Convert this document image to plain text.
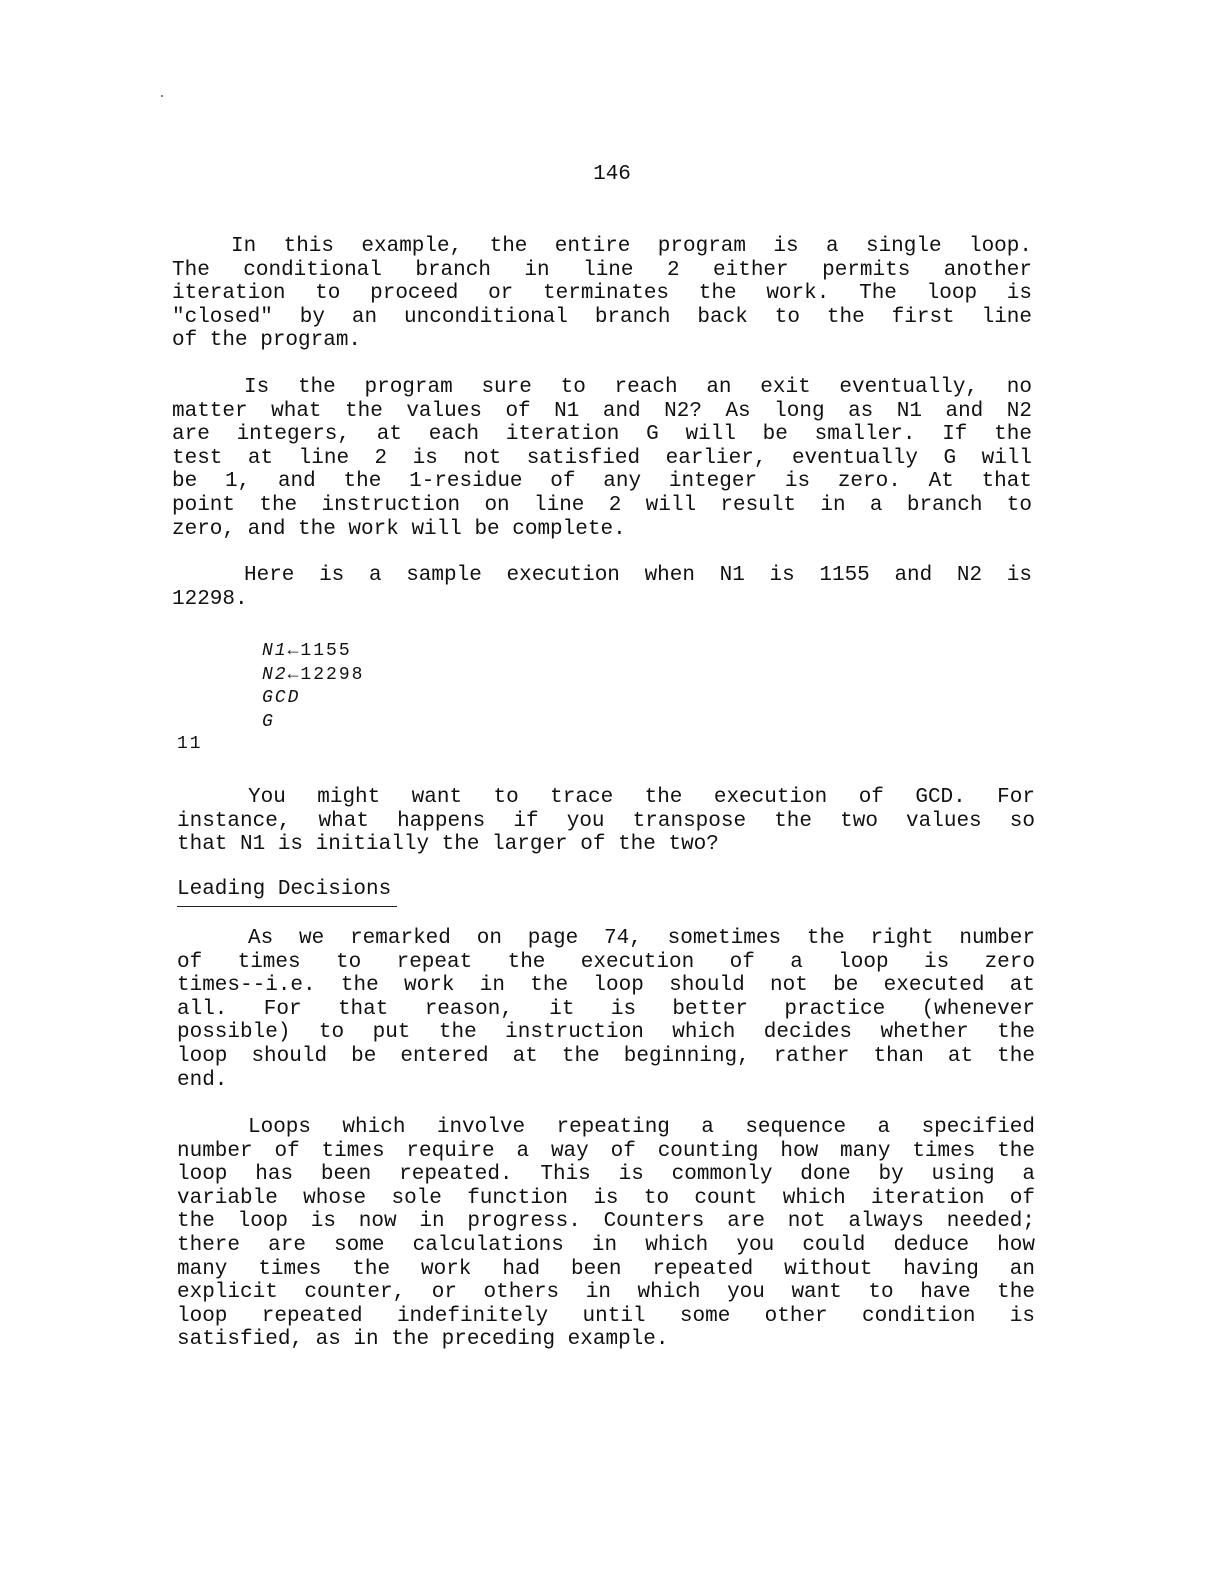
146
In this example, the entire program is a single loop.
The conditional branch in line 2 either permits another
iteration to proceed or terminates the work. The loop is
"closed" by an unconditional branch back to the first line
of the program.
Is the program sure to reach an exit eventually, no
matter what the values of N1 and N2? As long as N1 and N2
are integers, at each iteration G will be smaller. If the
test at line 2 is not satisfied earlier, eventually G will
be 1, and the 1-residue of any integer is zero. At that
point the instruction on line 2 will result in a branch to
zero, and the work will be complete.
Here is a sample execution when N1 is 1155 and N2 is
12298.
N1←1155
N2←12298
GCD
G
11
You might want to trace the execution of GCD. For
instance, what happens if you transpose the two values so
that N1 is initially the larger of the two?
Leading Decisions
As we remarked on page 74, sometimes the right number
of times to repeat the execution of a loop is zero
times--i.e. the work in the loop should not be executed at
all. For that reason, it is better practice (whenever
possible) to put the instruction which decides whether the
loop should be entered at the beginning, rather than at the
end.
Loops which involve repeating a sequence a specified
number of times require a way of counting how many times the
loop has been repeated. This is commonly done by using a
variable whose sole function is to count which iteration of
the loop is now in progress. Counters are not always needed;
there are some calculations in which you could deduce how
many times the work had been repeated without having an
explicit counter, or others in which you want to have the
loop repeated indefinitely until some other condition is
satisfied, as in the preceding example.
